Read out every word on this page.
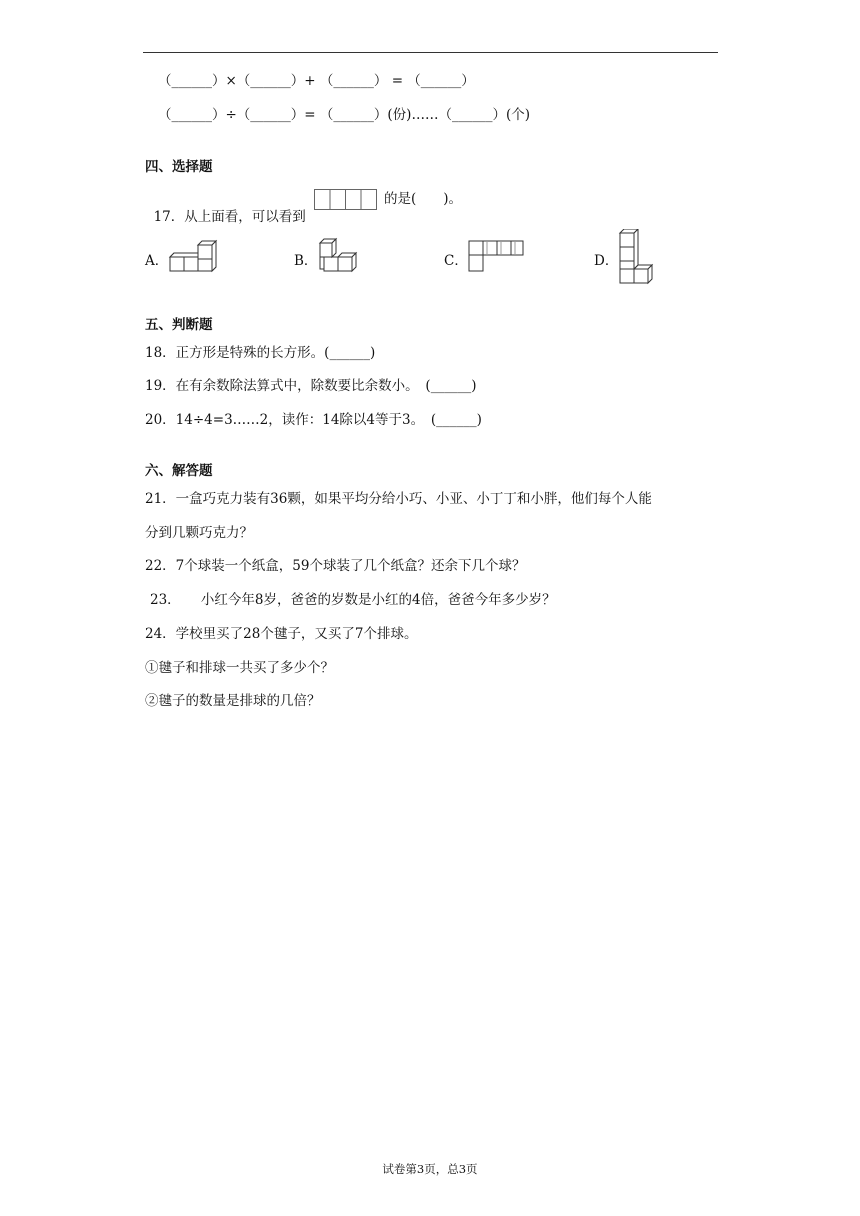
（______）×（______）+ （______） = （______）
（______）÷（______）= （______）(份)……（______）(个)
四、选择题

17．从上面看，可以看到

的是(　　)。
A．	B．	C．	D．
五、判断题
18．正方形是特殊的长方形。(______)
19．在有余数除法算式中，除数要比余数小。　(______)
20．14÷4=3……2，读作：14除以4等于3。　(______)
六、解答题
21．一盒巧克力装有36颗，如果平均分给小巧、小亚、小丁丁和小胖，他们每个人能
分到几颗巧克力？
22．7个球装一个纸盒，59个球装了几个纸盒？还余下几个球？
23．　　小红今年8岁，爸爸的岁数是小红的4倍，爸爸今年多少岁？
24．学校里买了28个毽子，又买了7个排球。
①毽子和排球一共买了多少个？
②毽子的数量是排球的几倍？
试卷第3页，总3页
